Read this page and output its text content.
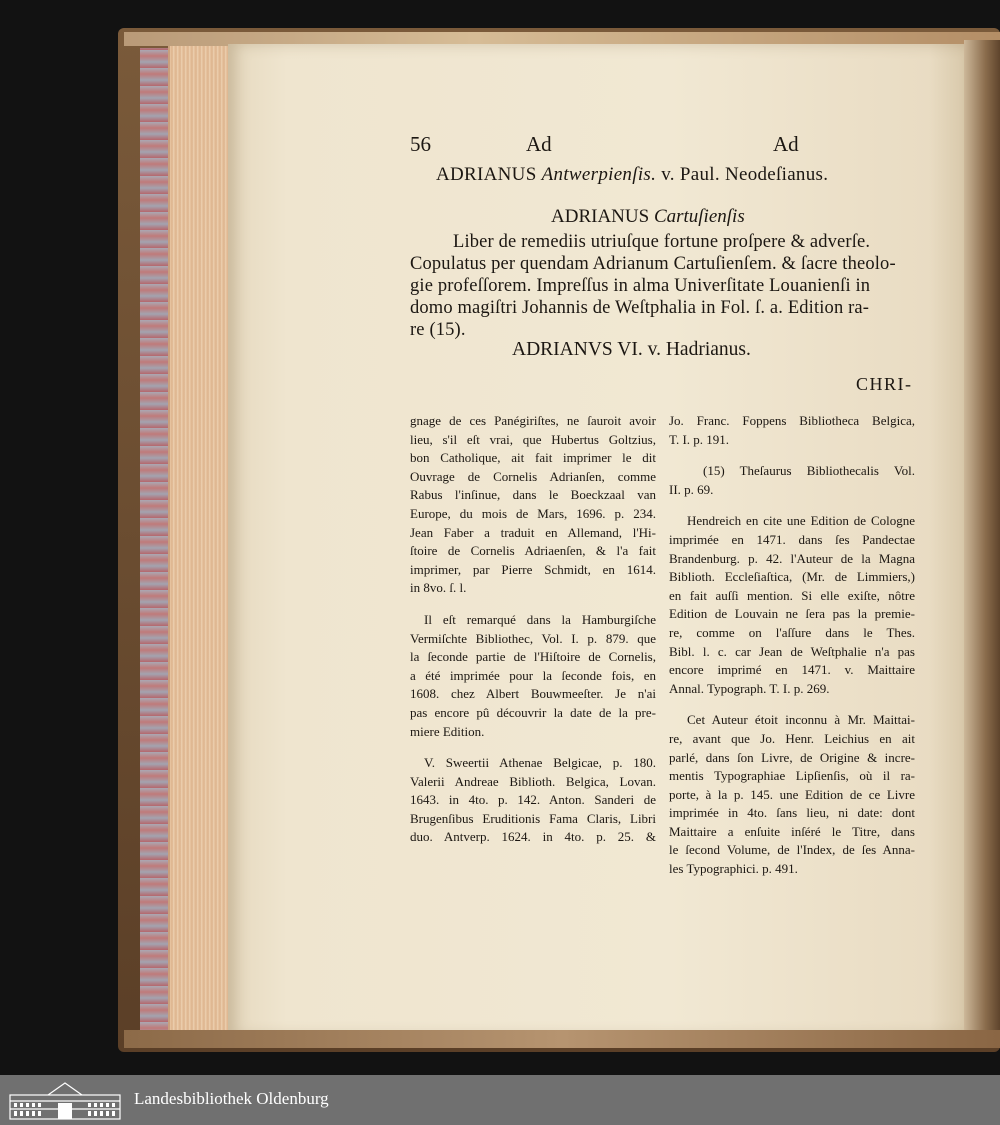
56	Ad	Ad
ADRIANUS Antwerpienſis. v. Paul. Neodeſianus.
ADRIANUS Cartuſienſis
Liber de remediis utriuſque fortune proſpere & adverſe.
Copulatus per quendam Adrianum Cartuſienſem. & ſacre theolo-
gie profeſſorem. Impreſſus in alma Univerſitate Louanienſi in
domo magiſtri Johannis de Weſtphalia in Fol. ſ. a. Edition ra-
re (15).
ADRIANVS VI. v. Hadrianus.
CHRI-

gnage de ces Panégiriſtes, ne ſauroit avoir
lieu, s'il eſt vrai, que Hubertus Goltzius,
bon Catholique, ait fait imprimer le dit
Ouvrage de Cornelis Adrianſen, comme
Rabus l'inſinue, dans le Boeckzaal van
Europe, du mois de Mars, 1696. p. 234.
Jean Faber a traduit en Allemand, l'Hi-
ſtoire de Cornelis Adriaenſen, & l'a fait
imprimer, par Pierre Schmidt, en 1614.
in 8vo. ſ. l.

Il eſt remarqué dans la Hamburgiſche
Vermiſchte Bibliothec, Vol. I. p. 879. que
la ſeconde partie de l'Hiſtoire de Cornelis,
a été imprimée pour la ſeconde fois, en
1608. chez Albert Bouwmeeſter. Je n'ai
pas encore pû découvrir la date de la pre-
miere Edition.

V. Sweertii Athenae Belgicae, p. 180.
Valerii Andreae Biblioth. Belgica, Lovan.
1643. in 4to. p. 142. Anton. Sanderi de
Brugenſibus Eruditionis Fama Claris, Libri
duo. Antverp. 1624. in 4to. p. 25. &

Jo. Franc. Foppens Bibliotheca Belgica,
T. I. p. 191.

(15) Theſaurus Bibliothecalis Vol.
II. p. 69.

Hendreich en cite une Edition de Cologne
imprimée en 1471. dans ſes Pandectae
Brandenburg. p. 42. l'Auteur de la Magna
Biblioth. Eccleſiaſtica, (Mr. de Limmiers,)
en fait auſſi mention. Si elle exiſte, nôtre
Edition de Louvain ne ſera pas la premie-
re, comme on l'aſſure dans le Thes.
Bibl. l. c. car Jean de Weſtphalie n'a pas
encore imprimé en 1471. v. Maittaire
Annal. Typograph. T. I. p. 269.

Cet Auteur étoit inconnu à Mr. Maittai-
re, avant que Jo. Henr. Leichius en ait
parlé, dans ſon Livre, de Origine & incre-
mentis Typographiae Lipſienſis, où il ra-
porte, à la p. 145. une Edition de ce Livre
imprimée in 4to. ſans lieu, ni date: dont
Maittaire a enſuite inſéré le Titre, dans
le ſecond Volume, de l'Index, de ſes Anna-
les Typographici. p. 491.

Landesbibliothek Oldenburg
